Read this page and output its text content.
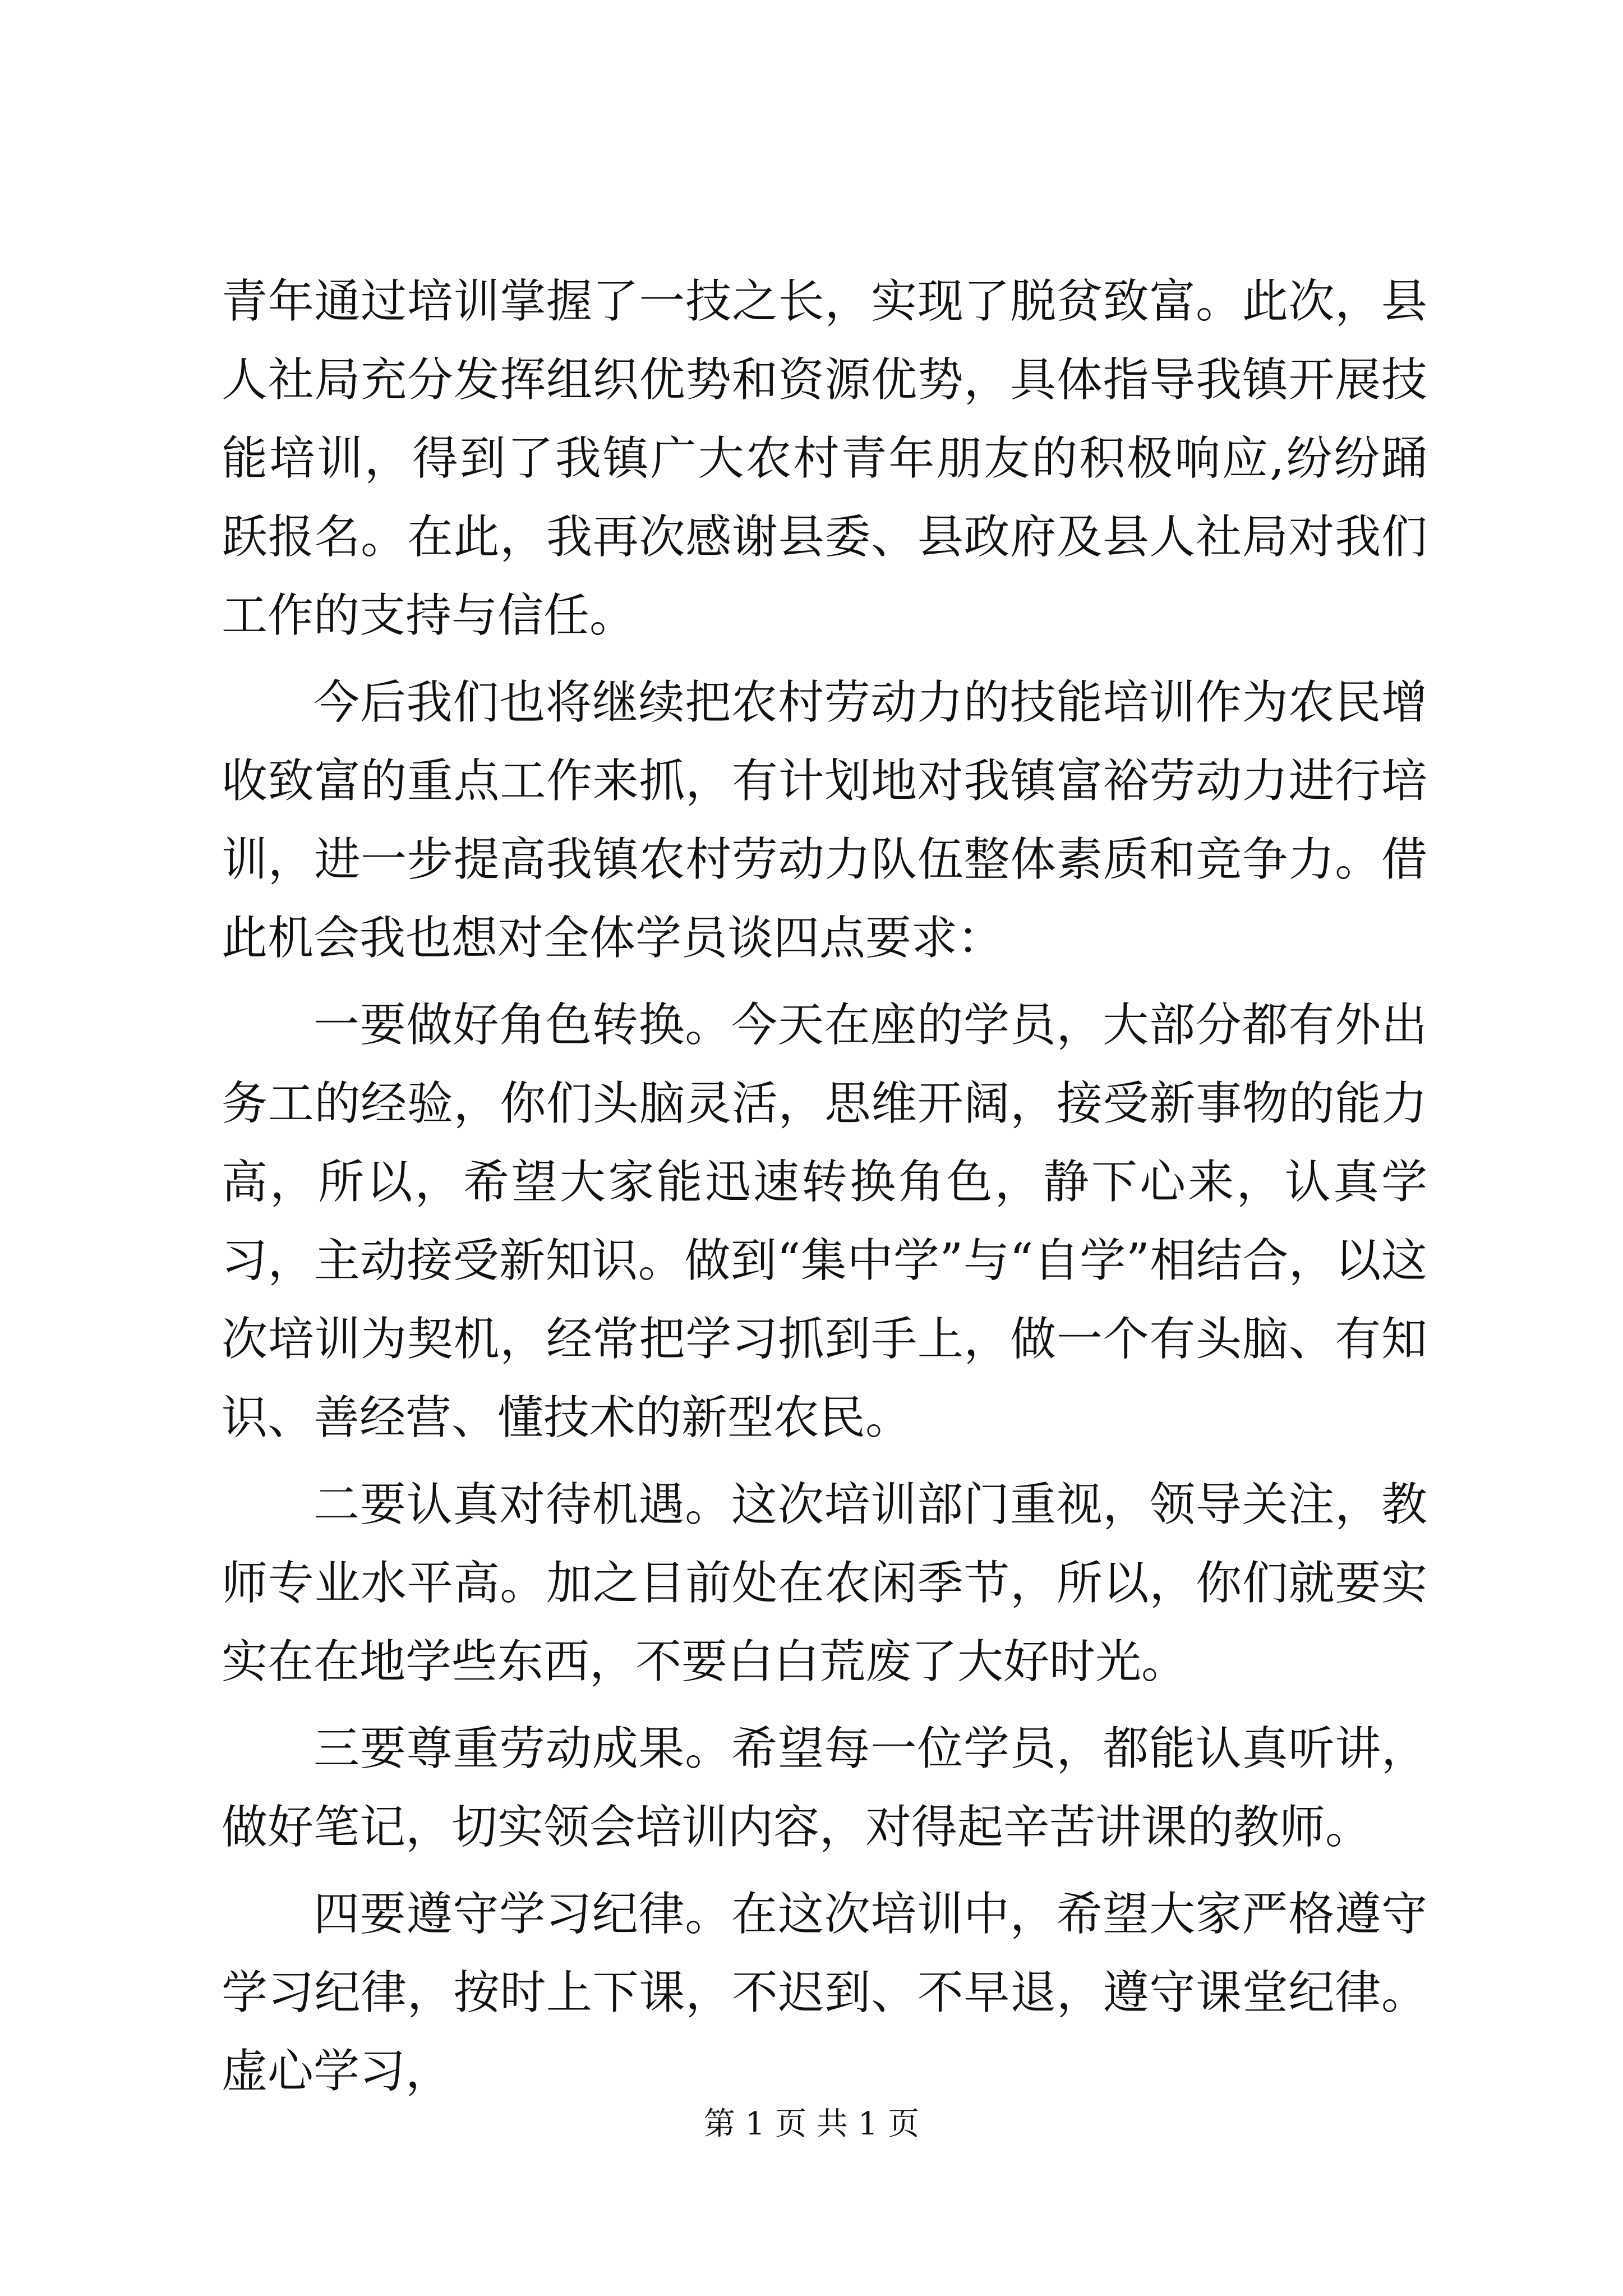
青年通过培训掌握了一技之长，实现了脱贫致富。此次，县人社局充分发挥组织优势和资源优势，具体指导我镇开展技能培训，得到了我镇广大农村青年朋友的积极响应,纷纷踊跃报名。在此，我再次感谢县委、县政府及县人社局对我们工作的支持与信任。

今后我们也将继续把农村劳动力的技能培训作为农民增收致富的重点工作来抓，有计划地对我镇富裕劳动力进行培训，进一步提高我镇农村劳动力队伍整体素质和竞争力。借此机会我也想对全体学员谈四点要求：

一要做好角色转换。今天在座的学员，大部分都有外出务工的经验，你们头脑灵活，思维开阔，接受新事物的能力高，所以，希望大家能迅速转换角色，静下心来，认真学习，主动接受新知识。做到“集中学”与“自学”相结合，以这次培训为契机，经常把学习抓到手上，做一个有头脑、有知识、善经营、懂技术的新型农民。

二要认真对待机遇。这次培训部门重视，领导关注，教师专业水平高。加之目前处在农闲季节，所以，你们就要实实在在地学些东西，不要白白荒废了大好时光。

三要尊重劳动成果。希望每一位学员，都能认真听讲，做好笔记，切实领会培训内容，对得起辛苦讲课的教师。

四要遵守学习纪律。在这次培训中，希望大家严格遵守学习纪律，按时上下课，不迟到、不早退，遵守课堂纪律。虚心学习，

第 1 页 共 1 页
